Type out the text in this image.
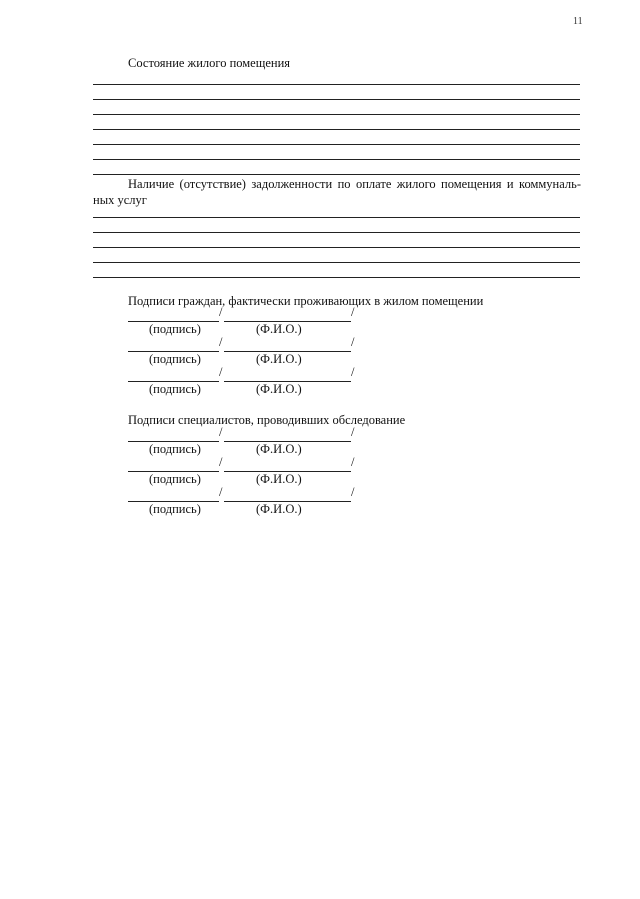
11
Состояние жилого помещения
Наличие (отсутствие) задолженности по оплате жилого помещения и коммуналь-ных услуг
Подписи граждан, фактически проживающих в жилом помещении
/	/
(подпись)	(Ф.И.О.)
/	/
(подпись)	(Ф.И.О.)
/	/
(подпись)	(Ф.И.О.)
Подписи специалистов, проводивших обследование
/	/
(подпись)	(Ф.И.О.)
/	/
(подпись)	(Ф.И.О.)
/	/
(подпись)	(Ф.И.О.)
